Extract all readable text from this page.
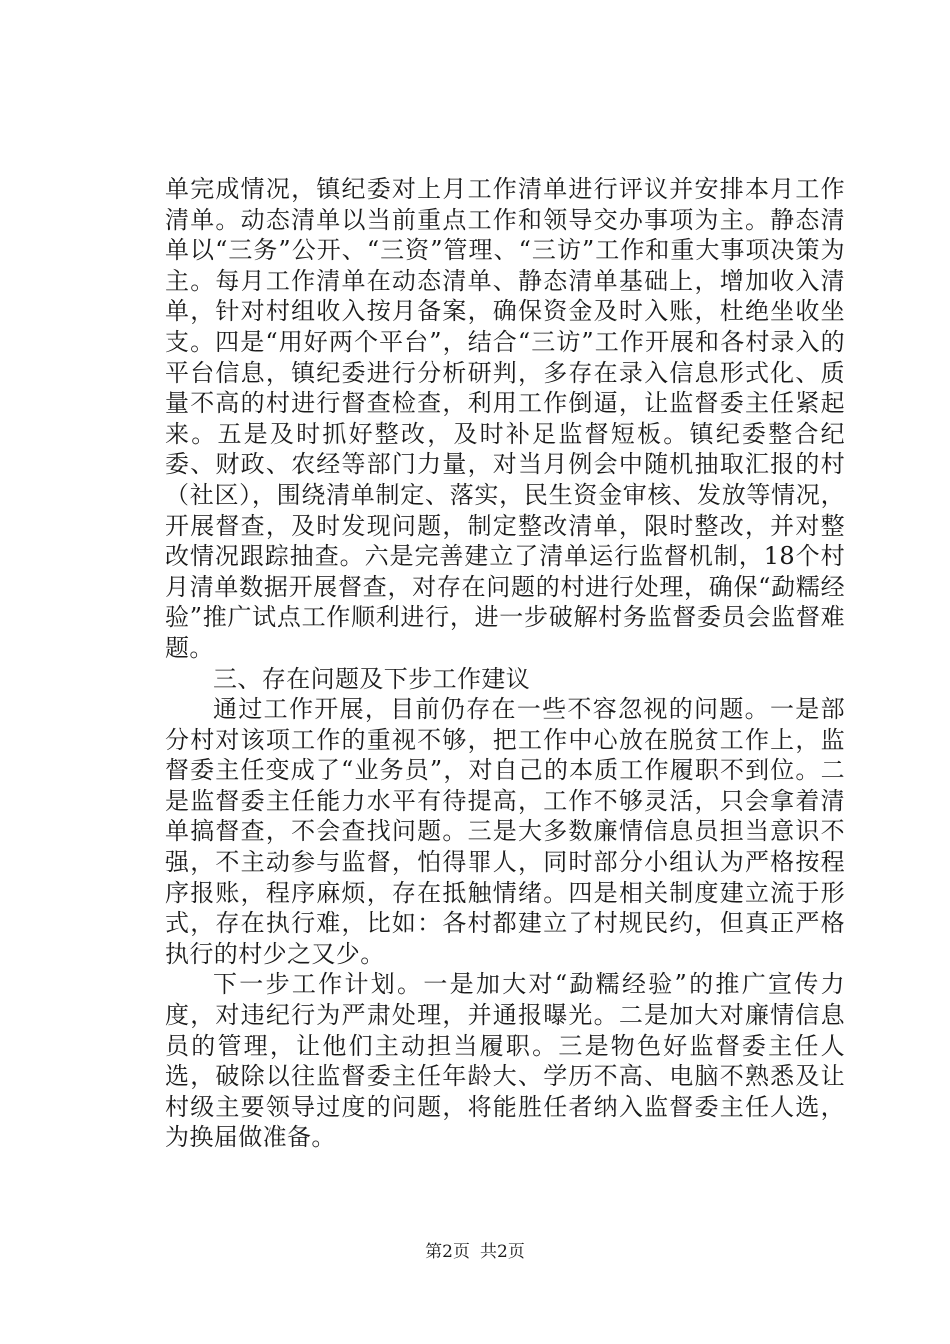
单完成情况，镇纪委对上月工作清单进行评议并安排本月工作清单。动态清单以当前重点工作和领导交办事项为主。静态清单以“三务”公开、“三资”管理、“三访”工作和重大事项决策为主。每月工作清单在动态清单、静态清单基础上，增加收入清单，针对村组收入按月备案，确保资金及时入账，杜绝坐收坐支。四是“用好两个平台”，结合“三访”工作开展和各村录入的平台信息，镇纪委进行分析研判，多存在录入信息形式化、质量不高的村进行督查检查，利用工作倒逼，让监督委主任紧起来。五是及时抓好整改，及时补足监督短板。镇纪委整合纪委、财政、农经等部门力量，对当月例会中随机抽取汇报的村（社区），围绕清单制定、落实，民生资金审核、发放等情况，开展督查，及时发现问题，制定整改清单，限时整改，并对整改情况跟踪抽查。六是完善建立了清单运行监督机制，18个村月清单数据开展督查，对存在问题的村进行处理，确保“勐糯经验”推广试点工作顺利进行，进一步破解村务监督委员会监督难题。

三、存在问题及下步工作建议

通过工作开展，目前仍存在一些不容忽视的问题。一是部分村对该项工作的重视不够，把工作中心放在脱贫工作上，监督委主任变成了“业务员”，对自己的本质工作履职不到位。二是监督委主任能力水平有待提高，工作不够灵活，只会拿着清单搞督查，不会查找问题。三是大多数廉情信息员担当意识不强，不主动参与监督，怕得罪人，同时部分小组认为严格按程序报账，程序麻烦，存在抵触情绪。四是相关制度建立流于形式，存在执行难，比如：各村都建立了村规民约，但真正严格执行的村少之又少。

下一步工作计划。一是加大对“勐糯经验”的推广宣传力度，对违纪行为严肃处理，并通报曝光。二是加大对廉情信息员的管理，让他们主动担当履职。三是物色好监督委主任人选，破除以往监督委主任年龄大、学历不高、电脑不熟悉及让村级主要领导过度的问题，将能胜任者纳入监督委主任人选，为换届做准备。

第2页 共2页
